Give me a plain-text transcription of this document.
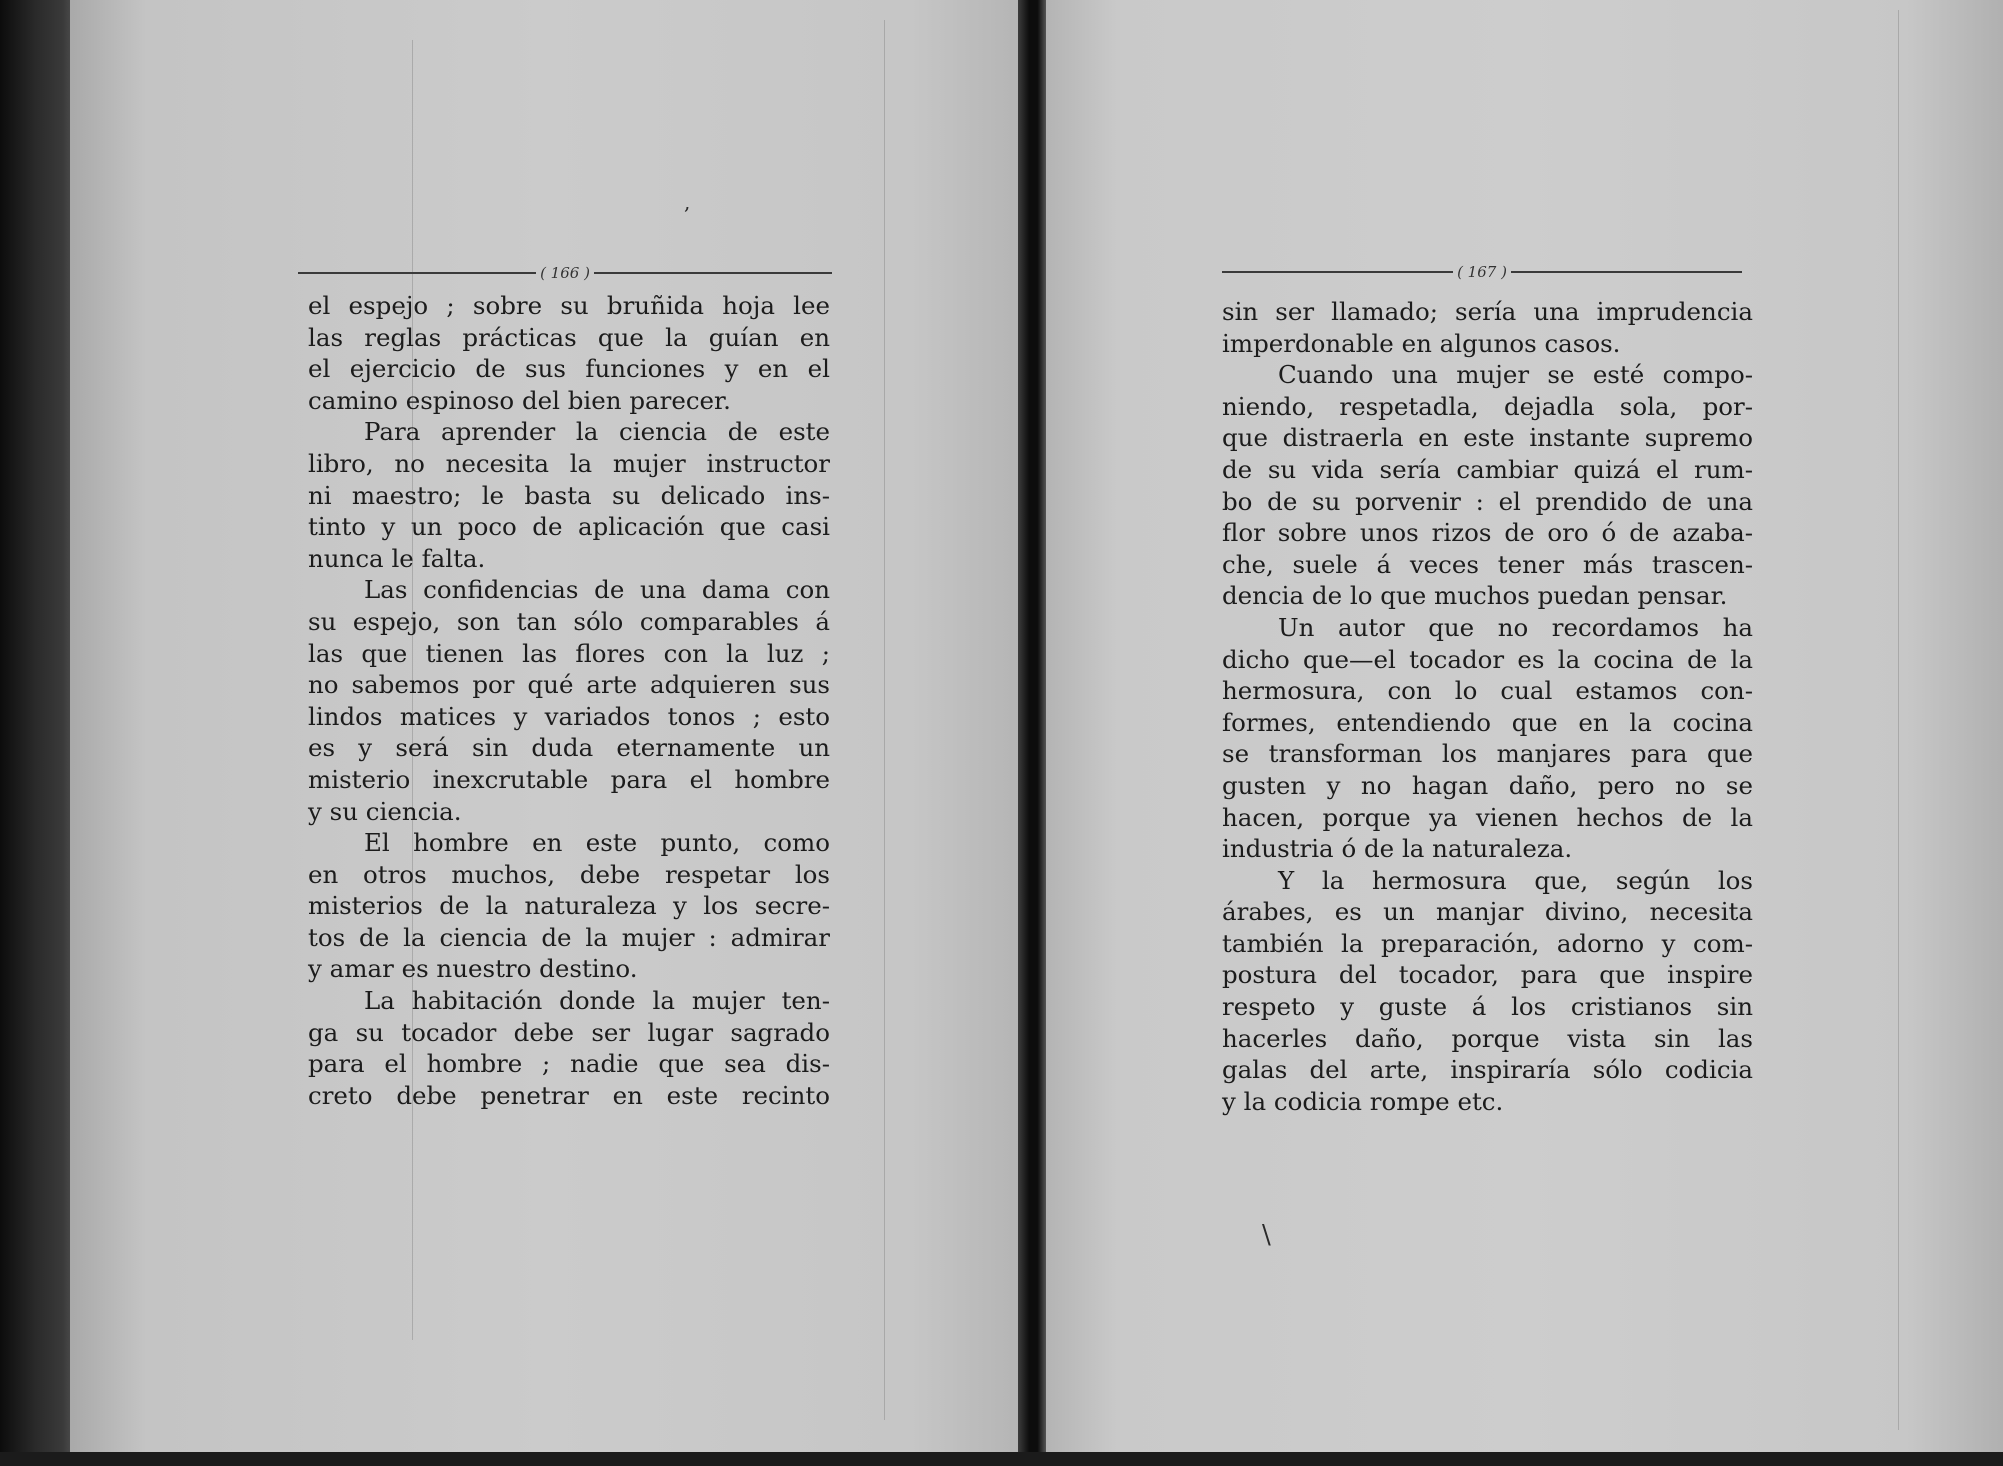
,
\
( 166 )
el espejo ; sobre su bruñida hoja lee
las reglas prácticas que la guían en
el ejercicio de sus funciones y en el
camino espinoso del bien parecer.
Para aprender la ciencia de este
libro, no necesita la mujer instructor
ni maestro; le basta su delicado ins-
tinto y un poco de aplicación que casi
nunca le falta.
Las confidencias de una dama con
su espejo, son tan sólo comparables á
las que tienen las flores con la luz ;
no sabemos por qué arte adquieren sus
lindos matices y variados tonos ; esto
es y será sin duda eternamente un
misterio inexcrutable para el hombre
y su ciencia.
El hombre en este punto, como
en otros muchos, debe respetar los
misterios de la naturaleza y los secre-
tos de la ciencia de la mujer : admirar
y amar es nuestro destino.
La habitación donde la mujer ten-
ga su tocador debe ser lugar sagrado
para el hombre ; nadie que sea dis-
creto debe penetrar en este recinto
( 167 )
sin ser llamado; sería una imprudencia
imperdonable en algunos casos.
Cuando una mujer se esté compo-
niendo, respetadla, dejadla sola, por-
que distraerla en este instante supremo
de su vida sería cambiar quizá el rum-
bo de su porvenir : el prendido de una
flor sobre unos rizos de oro ó de azaba-
che, suele á veces tener más trascen-
dencia de lo que muchos puedan pensar.
Un autor que no recordamos ha
dicho que—el tocador es la cocina de la
hermosura, con lo cual estamos con-
formes, entendiendo que en la cocina
se transforman los manjares para que
gusten y no hagan daño, pero no se
hacen, porque ya vienen hechos de la
industria ó de la naturaleza.
Y la hermosura que, según los
árabes, es un manjar divino, necesita
también la preparación, adorno y com-
postura del tocador, para que inspire
respeto y guste á los cristianos sin
hacerles daño, porque vista sin las
galas del arte, inspiraría sólo codicia
y la codicia rompe etc.
